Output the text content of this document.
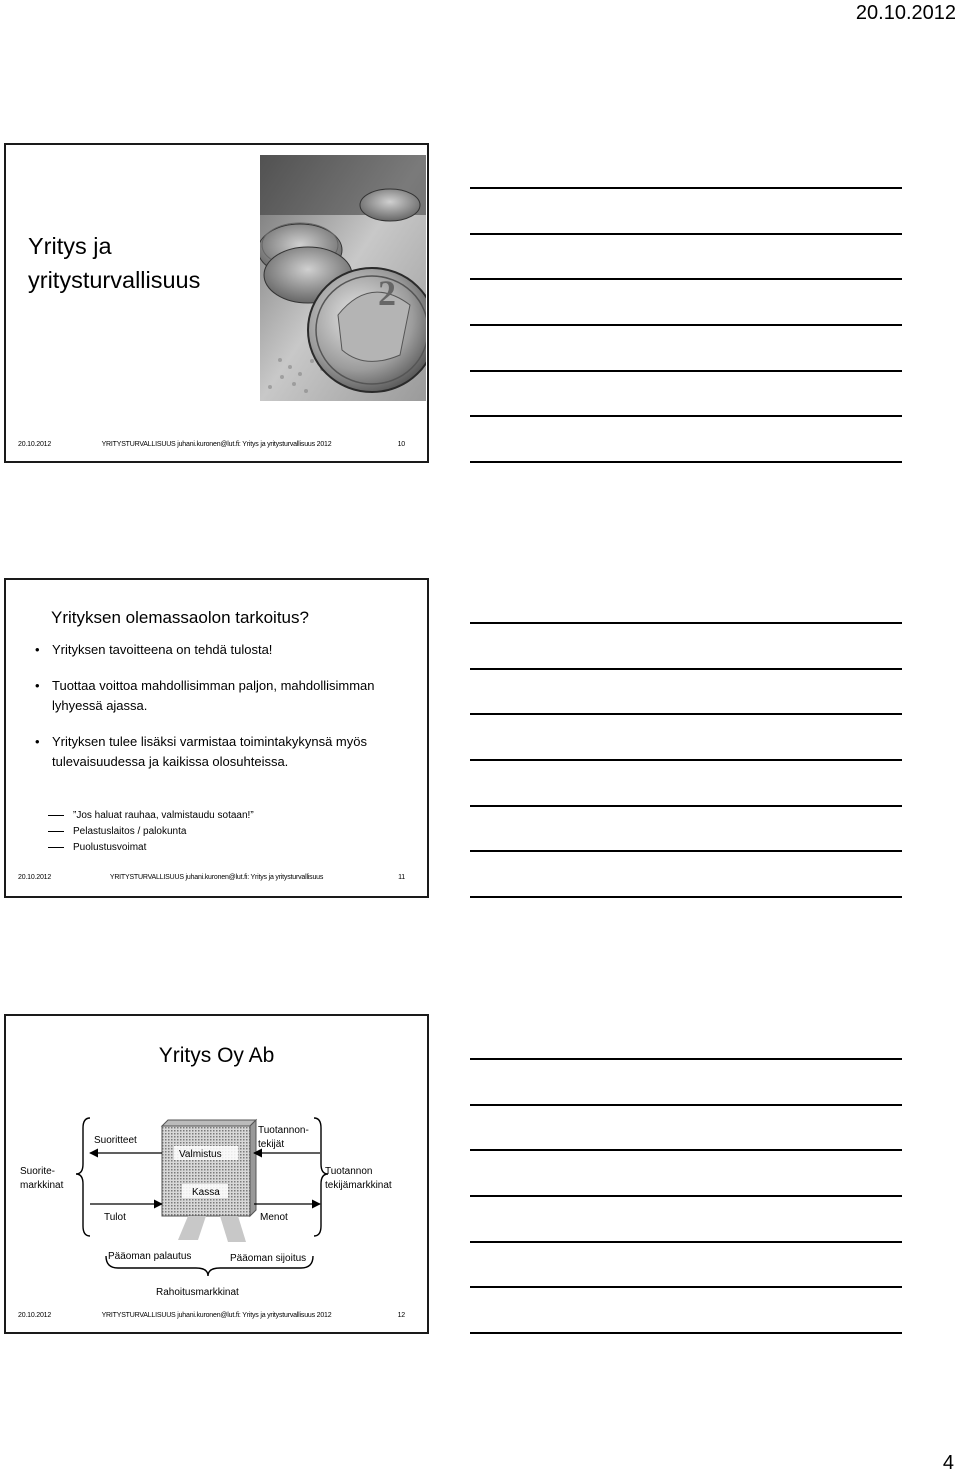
20.10.2012
Yritys ja
yritysturvallisuus	2
20.10.2012	YRITYSTURVALLISUUS juhani.kuronen@lut.fi: Yritys ja yritysturvallisuus 2012	10
Yrityksen olemassaolon tarkoitus?
• Yrityksen tavoitteena on tehdä tulosta!
• Tuottaa voittoa mahdollisimman paljon, mahdollisimman lyhyessä ajassa.
• Yrityksen tulee lisäksi varmistaa toimintakykynsä myös tulevaisuudessa ja kaikissa olosuhteissa.
”Jos haluat rauhaa, valmistaudu sotaan!”
Pelastuslaitos / palokunta
Puolustusvoimat
20.10.2012	YRITYSTURVALLISUUS juhani.kuronen@lut.fi: Yritys ja yritysturvallisuus	11
Yritys Oy Ab
Suoritteet
Suorite-
markkinat
Valmistus
Kassa
Tuotannon-
tekijät
Tuotannon
tekijämarkkinat
Tulot	Menot
Pääoman palautus	Pääoman sijoitus
Rahoitusmarkkinat
20.10.2012	YRITYSTURVALLISUUS juhani.kuronen@lut.fi: Yritys ja yritysturvallisuus 2012	12
4
